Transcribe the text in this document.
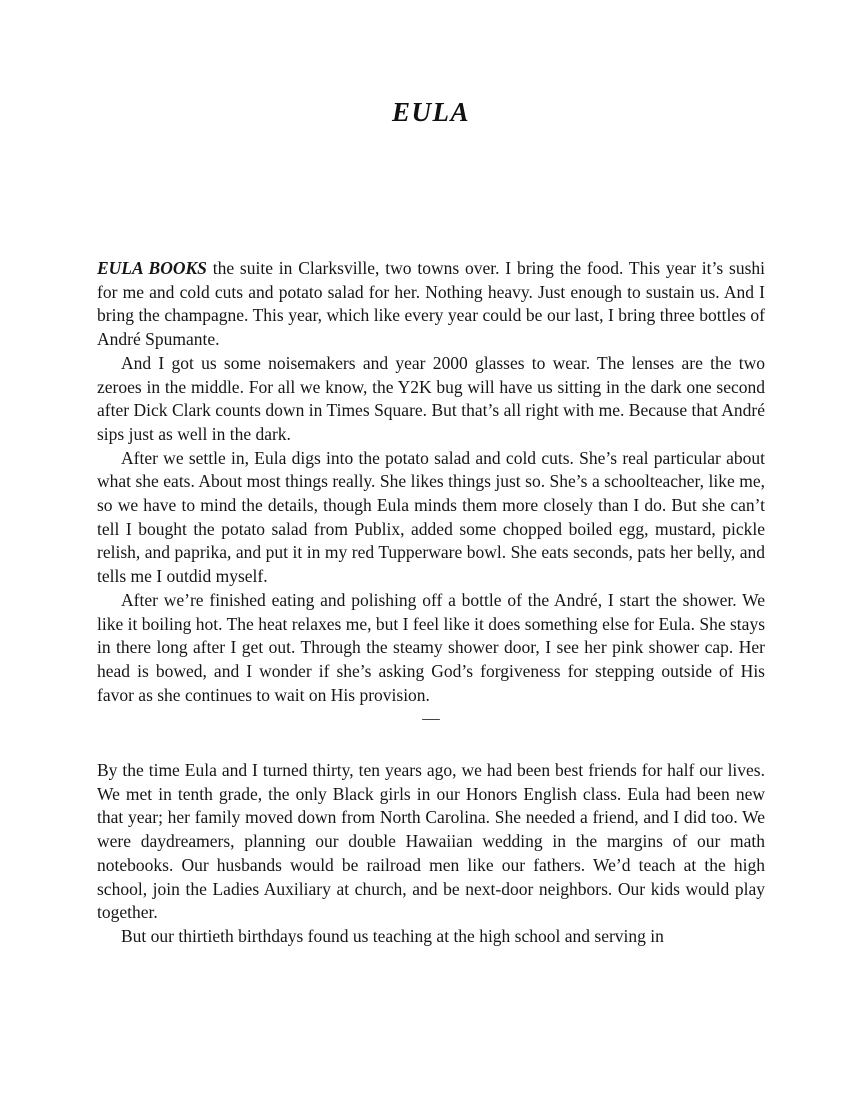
EULA

EULA BOOKS the suite in Clarksville, two towns over. I bring the food. This year it’s sushi for me and cold cuts and potato salad for her. Nothing heavy. Just enough to sustain us. And I bring the champagne. This year, which like every year could be our last, I bring three bottles of André Spumante.

And I got us some noisemakers and year 2000 glasses to wear. The lenses are the two zeroes in the middle. For all we know, the Y2K bug will have us sitting in the dark one second after Dick Clark counts down in Times Square. But that’s all right with me. Because that André sips just as well in the dark.

After we settle in, Eula digs into the potato salad and cold cuts. She’s real particular about what she eats. About most things really. She likes things just so. She’s a schoolteacher, like me, so we have to mind the details, though Eula minds them more closely than I do. But she can’t tell I bought the potato salad from Publix, added some chopped boiled egg, mustard, pickle relish, and paprika, and put it in my red Tupperware bowl. She eats seconds, pats her belly, and tells me I outdid myself.

After we’re finished eating and polishing off a bottle of the André, I start the shower. We like it boiling hot. The heat relaxes me, but I feel like it does something else for Eula. She stays in there long after I get out. Through the steamy shower door, I see her pink shower cap. Her head is bowed, and I wonder if she’s asking God’s forgiveness for stepping outside of His favor as she continues to wait on His provision.

—

By the time Eula and I turned thirty, ten years ago, we had been best friends for half our lives. We met in tenth grade, the only Black girls in our Honors English class. Eula had been new that year; her family moved down from North Carolina. She needed a friend, and I did too. We were daydreamers, planning our double Hawaiian wedding in the margins of our math notebooks. Our husbands would be railroad men like our fathers. We’d teach at the high school, join the Ladies Auxiliary at church, and be next-door neighbors. Our kids would play together.

But our thirtieth birthdays found us teaching at the high school and serving in
